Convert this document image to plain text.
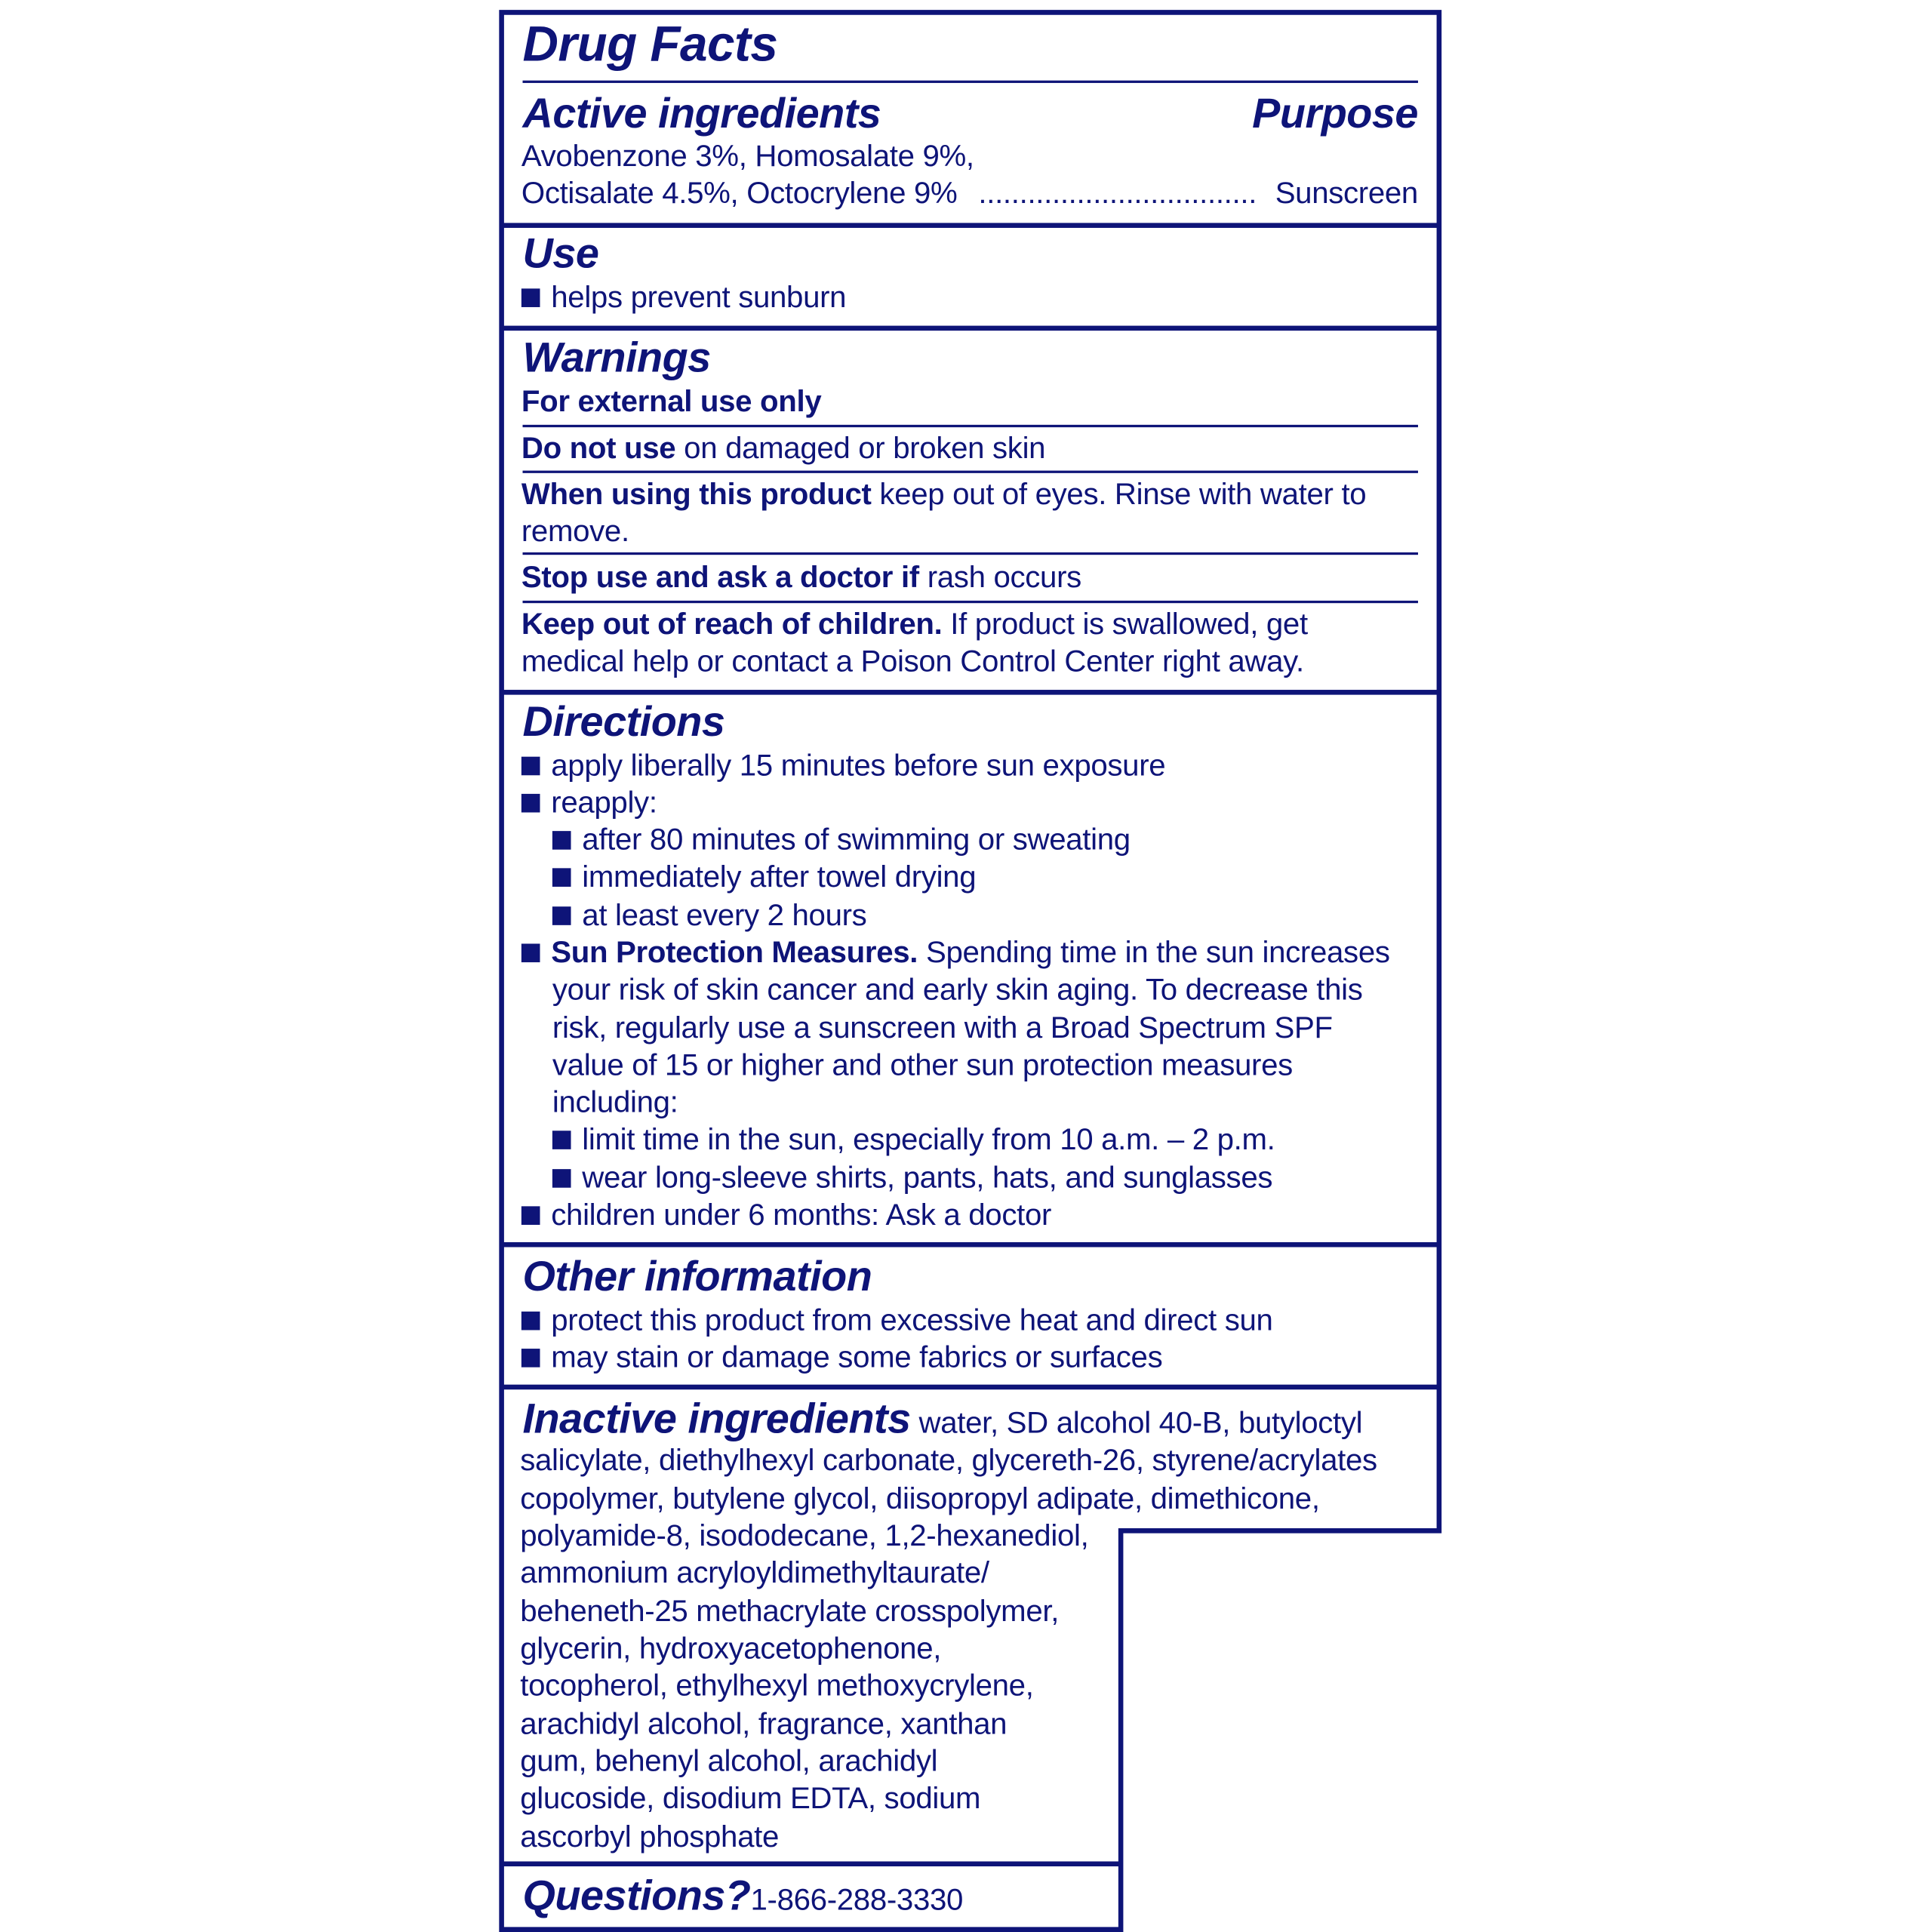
Drug Facts
Active ingredients	Purpose
Avobenzone 3%, Homosalate 9%,
Octisalate 4.5%, Octocrylene 9% ..................................	Sunscreen
Use
helps prevent sunburn
Warnings
For external use only
Do not use on damaged or broken skin
When using this product keep out of eyes. Rinse with water to
remove.
Stop use and ask a doctor if rash occurs
Keep out of reach of children. If product is swallowed, get
medical help or contact a Poison Control Center right away.
Directions
apply liberally 15 minutes before sun exposure
reapply:
after 80 minutes of swimming or sweating
immediately after towel drying
at least every 2 hours
Sun Protection Measures. Spending time in the sun increases
your risk of skin cancer and early skin aging. To decrease this
risk, regularly use a sunscreen with a Broad Spectrum SPF
value of 15 or higher and other sun protection measures
including:
limit time in the sun, especially from 10 a.m. – 2 p.m.
wear long-sleeve shirts, pants, hats, and sunglasses
children under 6 months: Ask a doctor
Other information
protect this product from excessive heat and direct sun
may stain or damage some fabrics or surfaces
Inactive ingredients water, SD alcohol 40-B, butyloctyl
salicylate, diethylhexyl carbonate, glycereth-26, styrene/acrylates
copolymer, butylene glycol, diisopropyl adipate, dimethicone,
polyamide-8, isododecane, 1,2-hexanediol,
ammonium acryloyldimethyltaurate/
beheneth-25 methacrylate crosspolymer,
glycerin, hydroxyacetophenone,
tocopherol, ethylhexyl methoxycrylene,
arachidyl alcohol, fragrance, xanthan
gum, behenyl alcohol, arachidyl
glucoside, disodium EDTA, sodium
ascorbyl phosphate
Questions?1-866-288-3330
